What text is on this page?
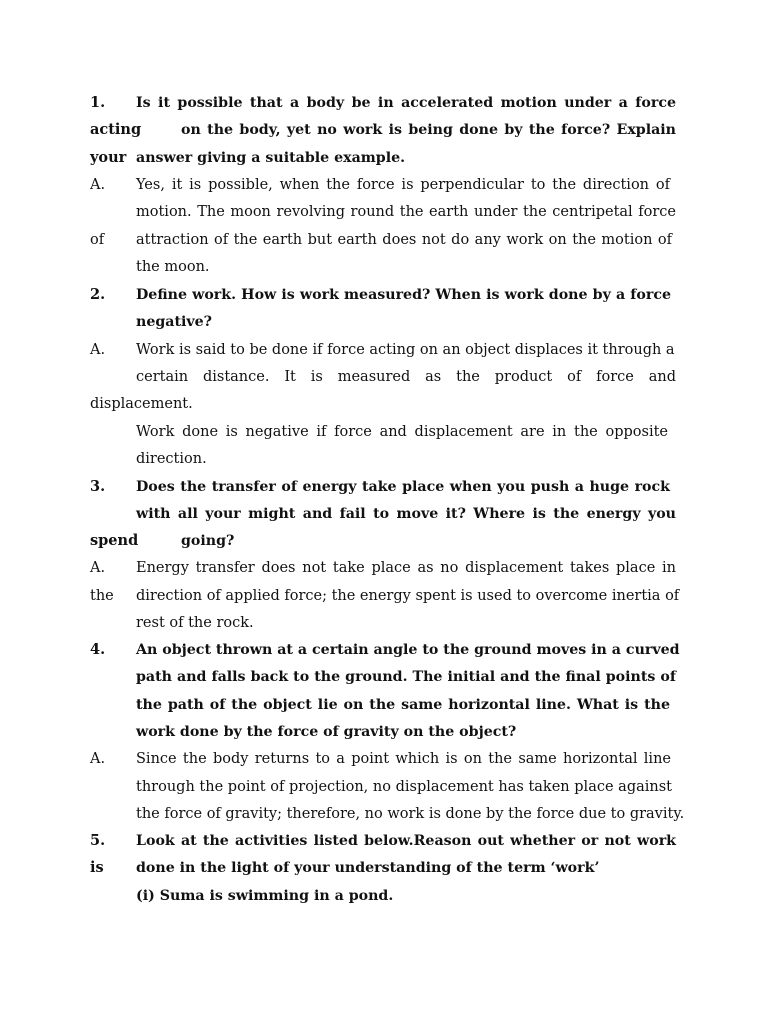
1. Is it possible that a body be in accelerated motion under a force
acting	on the body, yet no work is being done by the force? Explain
your answer giving a suitable example.
A. Yes, it is possible, when the force is perpendicular to the direction of
motion. The moon revolving round the earth under the centripetal force
of attraction of the earth but earth does not do any work on the motion of
the moon.
2. Define work. How is work measured? When is work done by a force
negative?
A. Work is said to be done if force acting on an object displaces it through a
certain distance. It is measured as the product of force and
displacement.
Work done is negative if force and displacement are in the opposite
direction.
3. Does the transfer of energy take place when you push a huge rock
with all your might and fail to move it? Where is the energy you
spend	going?
A. Energy transfer does not take place as no displacement takes place in
the direction of applied force; the energy spent is used to overcome inertia of
rest of the rock.
4. An object thrown at a certain angle to the ground moves in a curved
path and falls back to the ground. The initial and the final points of
the path of the object lie on the same horizontal line. What is the
work done by the force of gravity on the object?
A. Since the body returns to a point which is on the same horizontal line
through the point of projection, no displacement has taken place against
the force of gravity; therefore, no work is done by the force due to gravity.
5. Look at the activities listed below.Reason out whether or not work
is done in the light of your understanding of the term ‘work’
(i) Suma is swimming in a pond.
